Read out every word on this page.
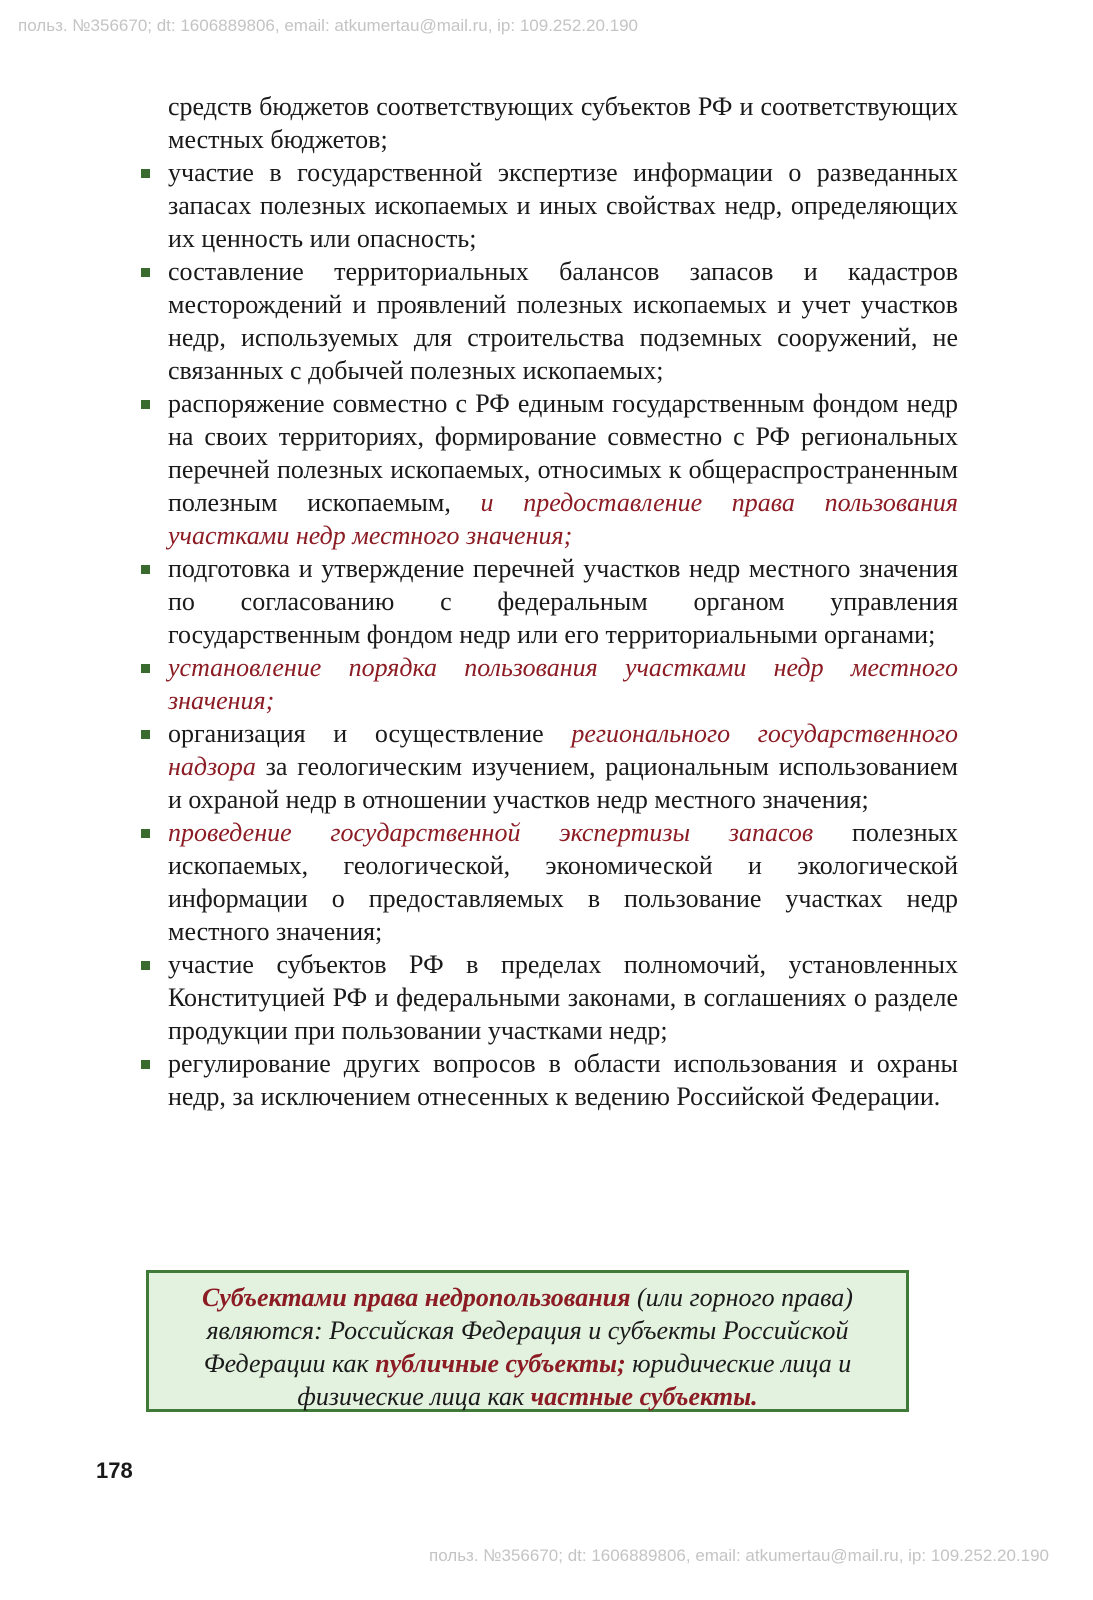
польз. №356670; dt: 1606889806, email: atkumertau@mail.ru, ip: 109.252.20.190

средств бюджетов соответствующих субъектов РФ и соответствующих местных бюджетов;

участие в государственной экспертизе информации о разведанных запасах полезных ископаемых и иных свойствах недр, определяющих их ценность или опасность;
составление территориальных балансов запасов и кадастров месторождений и проявлений полезных ископаемых и учет участков недр, используемых для строительства подземных сооружений, не связанных с добычей полезных ископаемых;
распоряжение совместно с РФ единым государственным фондом недр на своих территориях, формирование совместно с РФ региональных перечней полезных ископаемых, относимых к общераспространенным полезным ископаемым, и предоставление права пользования участками недр местного значения;
подготовка и утверждение перечней участков недр местного значения по согласованию с федеральным органом управления государственным фондом недр или его территориальными органами;
установление порядка пользования участками недр местного значения;
организация и осуществление регионального государственного надзора за геологическим изучением, рациональным использованием и охраной недр в отношении участков недр местного значения;
проведение государственной экспертизы запасов полезных ископаемых, геологической, экономической и экологической информации о предоставляемых в пользование участках недр местного значения;
участие субъектов РФ в пределах полномочий, установленных Конституцией РФ и федеральными законами, в соглашениях о разделе продукции при пользовании участками недр;
регулирование других вопросов в области использования и охраны недр, за исключением отнесенных к ведению Российской Федерации.
Субъектами права недропользования (или горного права) являются: Российская Федерация и субъекты Российской Федерации как публичные субъекты; юридические лица и физические лица как частные субъекты.
178
польз. №356670; dt: 1606889806, email: atkumertau@mail.ru, ip: 109.252.20.190
